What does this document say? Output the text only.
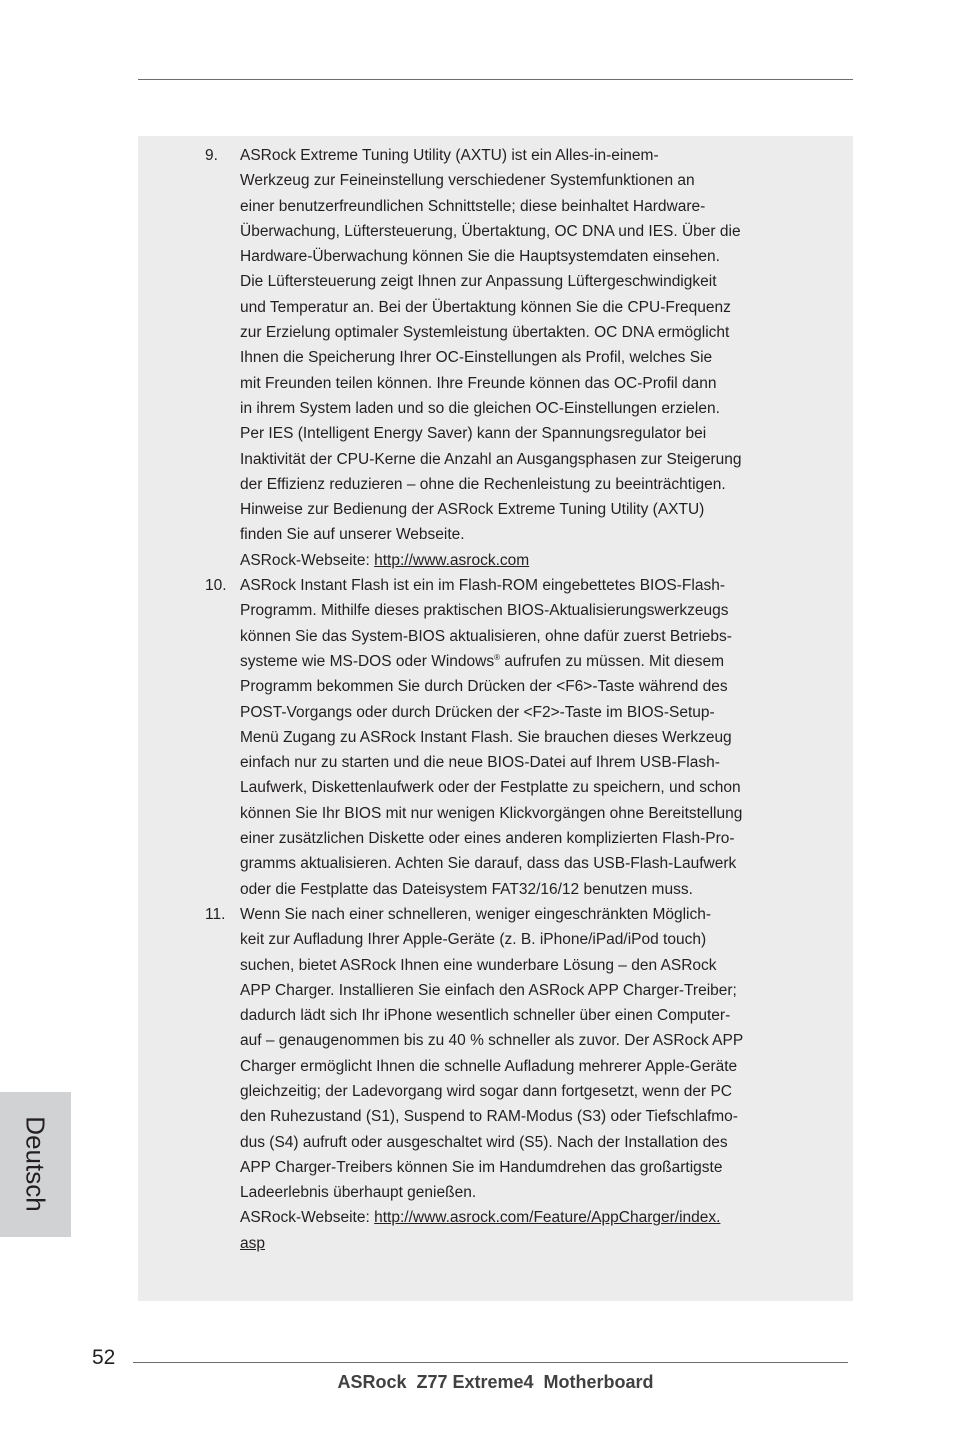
9. ASRock Extreme Tuning Utility (AXTU) ist ein Alles-in-einem-
Werkzeug zur Feineinstellung verschiedener Systemfunktionen an
einer benutzerfreundlichen Schnittstelle; diese beinhaltet Hardware-
Überwachung, Lüftersteuerung, Übertaktung, OC DNA und IES. Über die
Hardware-Überwachung können Sie die Hauptsystemdaten einsehen.
Die Lüftersteuerung zeigt Ihnen zur Anpassung Lüftergeschwindigkeit
und Temperatur an. Bei der Übertaktung können Sie die CPU-Frequenz
zur Erzielung optimaler Systemleistung übertakten. OC DNA ermöglicht
Ihnen die Speicherung Ihrer OC-Einstellungen als Profil, welches Sie
mit Freunden teilen können. Ihre Freunde können das OC-Profil dann
in ihrem System laden und so die gleichen OC-Einstellungen erzielen.
Per IES (Intelligent Energy Saver) kann der Spannungsregulator bei
Inaktivität der CPU-Kerne die Anzahl an Ausgangsphasen zur Steigerung
der Effizienz reduzieren – ohne die Rechenleistung zu beeinträchtigen.
Hinweise zur Bedienung der ASRock Extreme Tuning Utility (AXTU)
finden Sie auf unserer Webseite.
ASRock-Webseite: http://www.asrock.com
10. ASRock Instant Flash ist ein im Flash-ROM eingebettetes BIOS-Flash-
Programm. Mithilfe dieses praktischen BIOS-Aktualisierungswerkzeugs
können Sie das System-BIOS aktualisieren, ohne dafür zuerst Betriebs-
systeme wie MS-DOS oder Windows® aufrufen zu müssen. Mit diesem
Programm bekommen Sie durch Drücken der <F6>-Taste während des
POST-Vorgangs oder durch Drücken der <F2>-Taste im BIOS-Setup-
Menü Zugang zu ASRock Instant Flash. Sie brauchen dieses Werkzeug
einfach nur zu starten und die neue BIOS-Datei auf Ihrem USB-Flash-
Laufwerk, Diskettenlaufwerk oder der Festplatte zu speichern, und schon
können Sie Ihr BIOS mit nur wenigen Klickvorgängen ohne Bereitstellung
einer zusätzlichen Diskette oder eines anderen komplizierten Flash-Pro-
gramms aktualisieren. Achten Sie darauf, dass das USB-Flash-Laufwerk
oder die Festplatte das Dateisystem FAT32/16/12 benutzen muss.
11. Wenn Sie nach einer schnelleren, weniger eingeschränkten Möglich-
keit zur Aufladung Ihrer Apple-Geräte (z. B. iPhone/iPad/iPod touch)
suchen, bietet ASRock Ihnen eine wunderbare Lösung – den ASRock
APP Charger. Installieren Sie einfach den ASRock APP Charger-Treiber;
dadurch lädt sich Ihr iPhone wesentlich schneller über einen Computer-
auf – genaugenommen bis zu 40 % schneller als zuvor. Der ASRock APP
Charger ermöglicht Ihnen die schnelle Aufladung mehrerer Apple-Geräte
gleichzeitig; der Ladevorgang wird sogar dann fortgesetzt, wenn der PC
den Ruhezustand (S1), Suspend to RAM-Modus (S3) oder Tiefschlafmo-
dus (S4) aufruft oder ausgeschaltet wird (S5). Nach der Installation des
APP Charger-Treibers können Sie im Handumdrehen das großartigste
Ladeerlebnis überhaupt genießen.
ASRock-Webseite: http://www.asrock.com/Feature/AppCharger/index.
asp
Deutsch
52
ASRock  Z77 Extreme4  Motherboard
